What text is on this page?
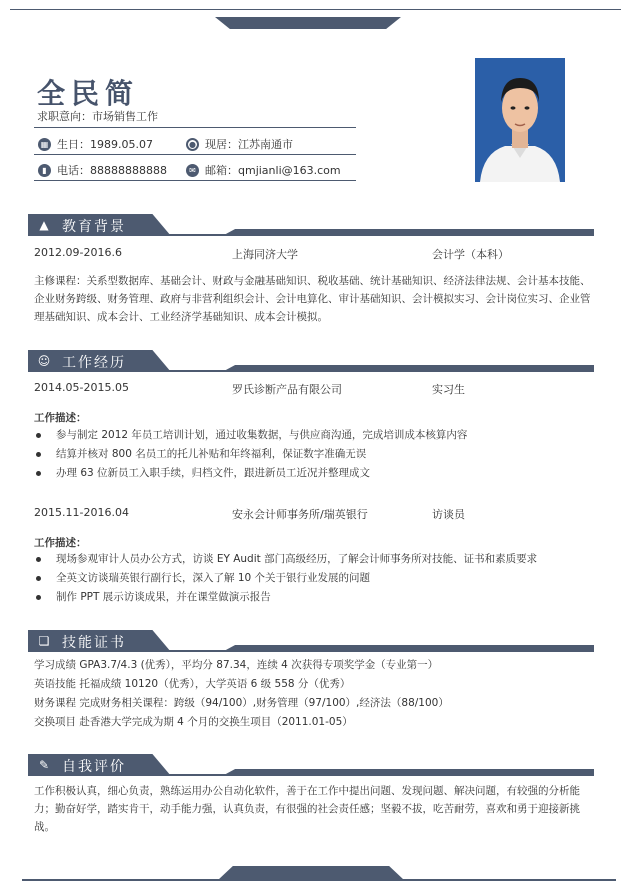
全民简
求职意向：市场销售工作
▦ 生日： 1989.05.07	● 现居： 江苏南通市
▮ 电话： 88888888888	✉ 邮箱： qmjianli@163.com
▲ 教育背景
2012.09-2016.6	上海同济大学	会计学（本科）
主修课程：关系型数据库、基础会计、财政与金融基础知识、税收基础、统计基础知识、经济法律法规、会计基本技能、企业财务跨级、财务管理、政府与非营利组织会计、会计电算化、审计基础知识、会计模拟实习、会计岗位实习、企业管理基础知识、成本会计、工业经济学基础知识、成本会计模拟。
☺ 工作经历
2014.05-2015.05	罗氏诊断产品有限公司	实习生
工作描述：
参与制定 2012 年员工培训计划，通过收集数据，与供应商沟通，完成培训成本核算内容
结算并核对 800 名员工的托儿补贴和年终福利，保证数字准确无误
办理 63 位新员工入职手续，归档文件，跟进新员工近况并整理成文
2015.11-2016.04	安永会计师事务所/瑞英银行	访谈员
工作描述：
现场参观审计人员办公方式，访谈 EY Audit 部门高级经历，了解会计师事务所对技能、证书和素质要求
全英文访谈瑞英银行副行长，深入了解 10 个关于银行业发展的问题
制作 PPT 展示访谈成果，并在课堂做演示报告
❏ 技能证书
学习成绩 GPA3.7/4.3 (优秀），平均分 87.34，连续 4 次获得专项奖学金（专业第一）
英语技能 托福成绩 10120（优秀），大学英语 6 级 558 分（优秀）
财务课程 完成财务相关课程：跨级（94/100）,财务管理（97/100）,经济法（88/100）
交换项目 赴香港大学完成为期 4 个月的交换生项目（2011.01-05）
✎ 自我评价
工作积极认真，细心负责，熟练运用办公自动化软件，善于在工作中提出问题、发现问题、解决问题，有较强的分析能力；勤奋好学，踏实肯干，动手能力强，认真负责，有很强的社会责任感；坚毅不拔，吃苦耐劳，喜欢和勇于迎接新挑战。
